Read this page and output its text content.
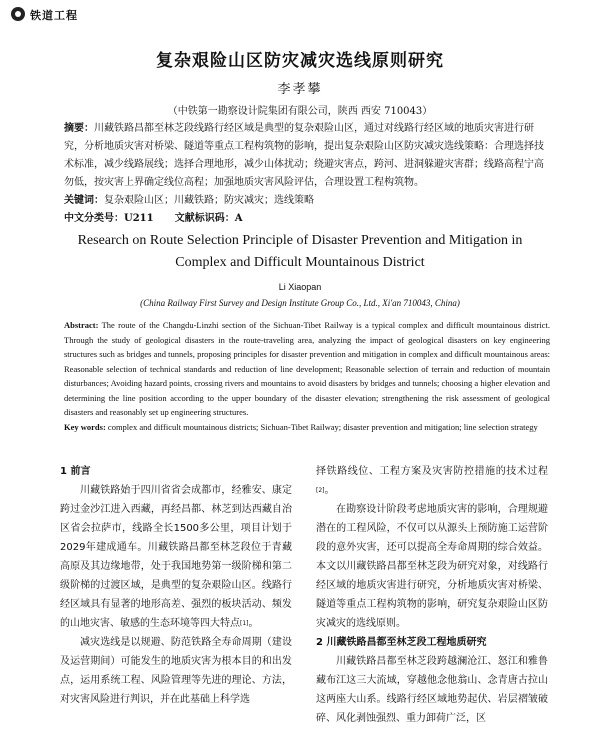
铁道工程
复杂艰险山区防灾减灾选线原则研究
李孝攀
（中铁第一勘察设计院集团有限公司，陕西 西安 710043）
摘要：川藏铁路昌都至林芝段线路行经区域是典型的复杂艰险山区，通过对线路行经区域的地质灾害进行研究，分析地质灾害对桥梁、隧道等重点工程构筑物的影响，提出复杂艰险山区防灾减灾选线策略：合理选择技术标准，减少线路展线；选择合理地形，减少山体扰动；绕避灾害点，跨河、进洞躲避灾害群；线路高程宁高勿低，按灾害上界确定线位高程；加强地质灾害风险评估，合理设置工程构筑物。
关键词：复杂艰险山区；川藏铁路；防灾减灾；选线策略
中文分类号：U211 文献标识码：A
Research on Route Selection Principle of Disaster Prevention and Mitigation in Complex and Difficult Mountainous District
Li Xiaopan
(China Railway First Survey and Design Institute Group Co., Ltd., Xi'an 710043, China)
Abstract: The route of the Changdu-Linzhi section of the Sichuan-Tibet Railway is a typical complex and difficult mountainous district. Through the study of geological disasters in the route-traveling area, analyzing the impact of geological disasters on key engineering structures such as bridges and tunnels, proposing principles for disaster prevention and mitigation in complex and difficult mountainous areas: Reasonable selection of technical standards and reduction of line development; Reasonable selection of terrain and reduction of mountain disturbances; Avoiding hazard points, crossing rivers and mountains to avoid disasters by bridges and tunnels; choosing a higher elevation and determining the line position according to the upper boundary of the disaster elevation; strengthening the risk assessment of geological disasters and reasonably set up engineering structures.
Key words: complex and difficult mountainous districts; Sichuan-Tibet Railway; disaster prevention and mitigation; line selection strategy

1 前言

川藏铁路始于四川省省会成都市，经雅安、康定跨过金沙江进入西藏，再经昌都、林芝到达西藏自治区省会拉萨市，线路全长1500多公里，项目计划于2029年建成通车。川藏铁路昌都至林芝段位于青藏高原及其边缘地带，处于我国地势第一级阶梯和第二级阶梯的过渡区域，是典型的复杂艰险山区。线路行经区域具有显著的地形高差、强烈的板块活动、频发的山地灾害、敏感的生态环境等四大特点[1]。

减灾选线是以规避、防范铁路全寿命周期（建设及运营期间）可能发生的地质灾害为根本目的和出发点，运用系统工程、风险管理等先进的理论、方法，对灾害风险进行判识，并在此基础上科学选

择铁路线位、工程方案及灾害防控措施的技术过程[2]。

在勘察设计阶段考虑地质灾害的影响，合理规避潜在的工程风险，不仅可以从源头上预防施工运营阶段的意外灾害，还可以提高全寿命周期的综合效益。本文以川藏铁路昌都至林芝段为研究对象，对线路行经区域的地质灾害进行研究，分析地质灾害对桥梁、隧道等重点工程构筑物的影响，研究复杂艰险山区防灾减灾的选线原则。

2 川藏铁路昌都至林芝段工程地质研究

川藏铁路昌都至林芝段跨越澜沧江、怒江和雅鲁藏布江这三大流域，穿越他念他翁山、念青唐古拉山这两座大山系。线路行经区域地势起伏、岩层褶皱破碎、风化剥蚀强烈、重力卸荷广泛，区
